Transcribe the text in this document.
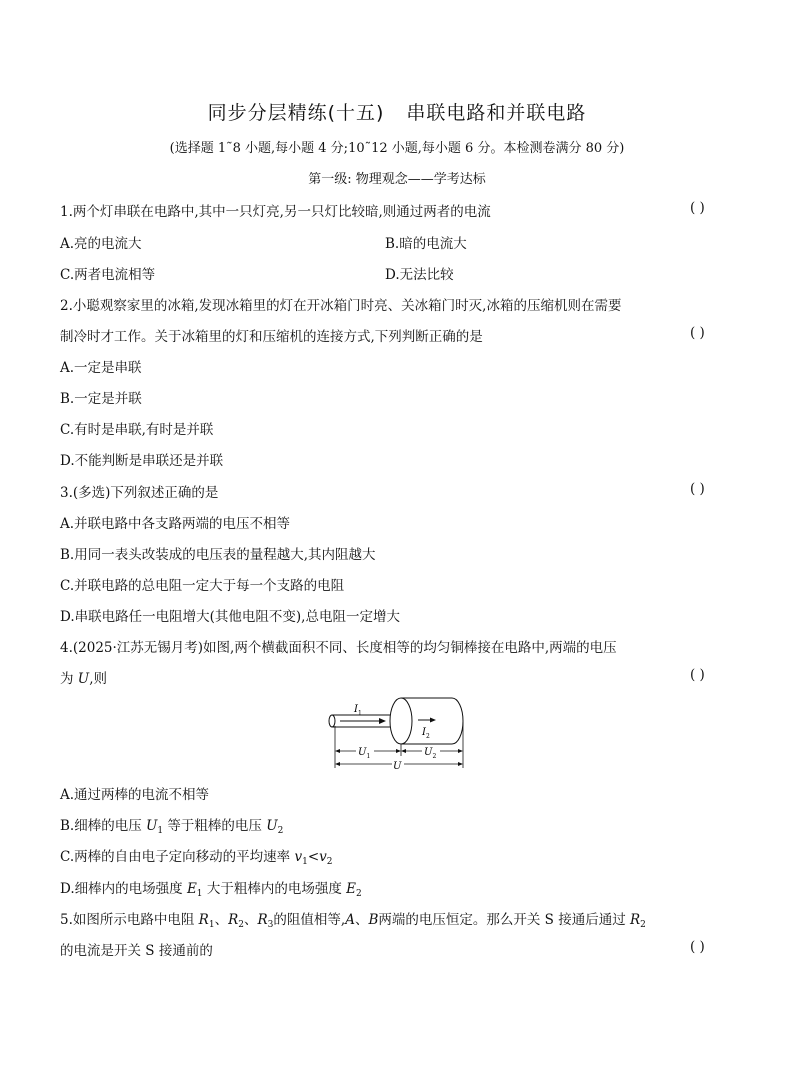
同步分层精练(十五) 串联电路和并联电路
(选择题 1˜8 小题,每小题 4 分;10˜12 小题,每小题 6 分。本检测卷满分 80 分)
第一级: 物理观念——学考达标
1.两个灯串联在电路中,其中一只灯亮,另一只灯比较暗,则通过两者的电流	( )
A.亮的电流大	B.暗的电流大
C.两者电流相等	D.无法比较
2.小聪观察家里的冰箱,发现冰箱里的灯在开冰箱门时亮、关冰箱门时灭,冰箱的压缩机则在需要
制冷时才工作。关于冰箱里的灯和压缩机的连接方式,下列判断正确的是	( )
A.一定是串联
B.一定是并联
C.有时是串联,有时是并联
D.不能判断是串联还是并联
3.(多选)下列叙述正确的是	( )
A.并联电路中各支路两端的电压不相等
B.用同一表头改装成的电压表的量程越大,其内阻越大
C.并联电路的总电阻一定大于每一个支路的电阻
D.串联电路任一电阻增大(其他电阻不变),总电阻一定增大
4.(2025·江苏无锡月考)如图,两个横截面积不同、长度相等的均匀铜棒接在电路中,两端的电压
为 U,则	( )
$I_1$
$I_2$
$U_1$	$U_2$
U
A.通过两棒的电流不相等
B.细棒的电压 $U_1$ 等于粗棒的电压 $U_2$
C.两棒的自由电子定向移动的平均速率 $v_1<v_2$
D.细棒内的电场强度 $E_1$ 大于粗棒内的电场强度 $E_2$
5.如图所示电路中电阻 $R_1$、$R_2$、$R_3$的阻值相等,A、B两端的电压恒定。那么开关 S 接通后通过 $R_2$
的电流是开关 S 接通前的	( )
